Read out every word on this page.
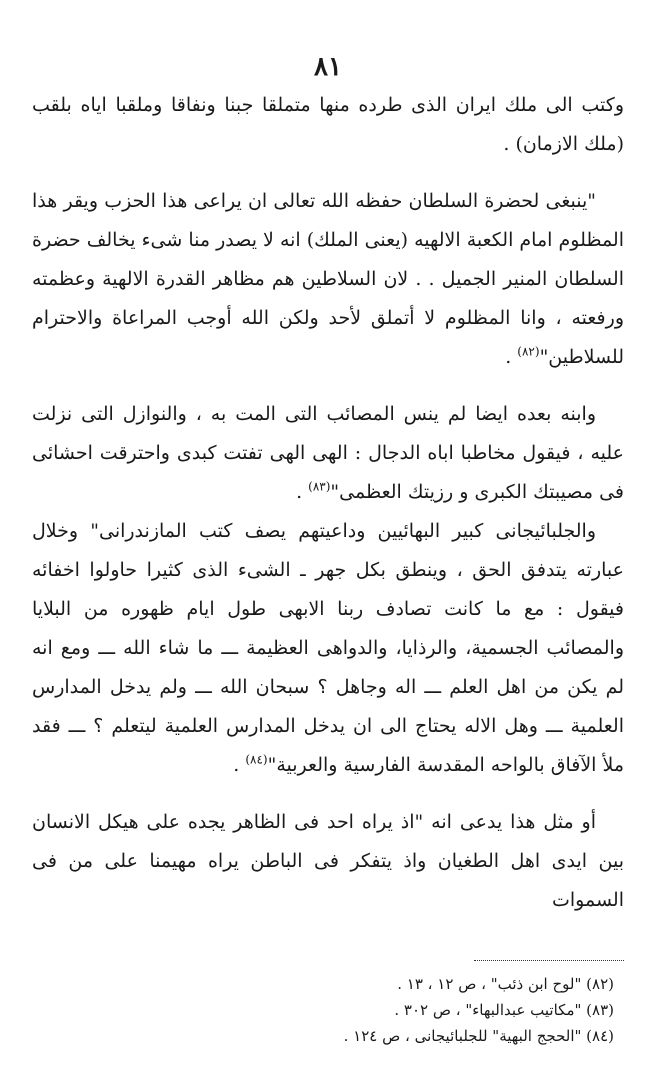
٨١

وكتب الى ملك ايران الذى طرده منها متملقا جبنا ونفاقا وملقبا اياه بلقب (ملك الازمان) .

"ينبغى لحضرة السلطان حفظه الله تعالى ان يراعى هذا الحزب ويقر هذا المظلوم امام الكعبة الالهيه (يعنى الملك) انه لا يصدر منا شىء يخالف حضرة السلطان المنير الجميل . . لان السلاطين هم مظاهر القدرة الالهية وعظمته ورفعته ، وانا المظلوم لا أتملق لأحد ولكن الله أوجب المراعاة والاحترام للسلاطين"$^{(٨٢)}$ .

وابنه بعده ايضا لم ينس المصائب التى المت به ، والنوازل التى نزلت عليه ، فيقول مخاطبا اباه الدجال : الهى الهى تفتت كبدى واحترقت احشائى فى مصيبتك الكبرى و رزيتك العظمى"$^{(٨٣)}$ .

والجلبائيجانى كبير البهائيين وداعيتهم يصف كتب المازندرانى" وخلال عبارته يتدفق الحق ، وينطق بكل جهر ـ الشىء الذى كثيرا حاولوا اخفائه فيقول : مع ما كانت تصادف ربنا الابهى طول ايام ظهوره من البلايا والمصائب الجسمية، والرذايا، والدواهى العظيمة ـــ ما شاء الله ـــ ومع انه لم يكن من اهل العلم ـــ اله وجاهل ؟ سبحان الله ـــ ولم يدخل المدارس العلمية ـــ وهل الاله يحتاج الى ان يدخل المدارس العلمية ليتعلم ؟ ـــ فقد ملأ الآفاق بالواحه المقدسة الفارسية والعربية"$^{(٨٤)}$ .

أو مثل هذا يدعى انه "اذ يراه احد فى الظاهر يجده على هيكل الانسان بين ايدى اهل الطغيان واذ يتفكر فى الباطن يراه مهيمنا على من فى السموات

(٨٢) "لوح ابن ذئب" ، ص ١٢ ، ١٣ .

(٨٣) "مكاتيب عبدالبهاء" ، ص ٣٠٢ .

(٨٤) "الحجج البهية" للجلبائيجانى ، ص ١٢٤ .
